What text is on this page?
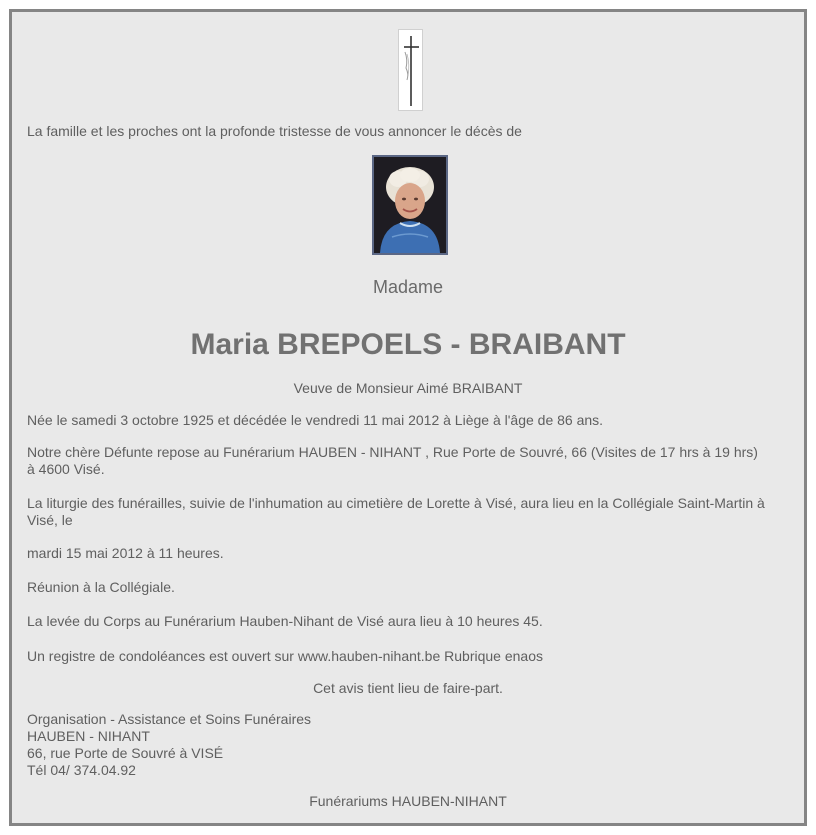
La famille et les proches ont la profonde tristesse de vous annoncer le décès de
Madame
Maria BREPOELS - BRAIBANT
Veuve de Monsieur Aimé BRAIBANT
Née le samedi 3 octobre 1925 et décédée le vendredi 11 mai 2012 à Liège à l'âge de 86 ans.
Notre chère Défunte repose au Funérarium HAUBEN - NIHANT , Rue Porte de Souvré, 66 (Visites de 17 hrs à 19 hrs)
à 4600 Visé.
La liturgie des funérailles, suivie de l'inhumation au cimetière de Lorette à Visé, aura lieu en la Collégiale Saint-Martin à
Visé, le
mardi 15 mai 2012 à 11 heures.
Réunion à la Collégiale.
La levée du Corps au Funérarium Hauben-Nihant de Visé aura lieu à 10 heures 45.
Un registre de condoléances est ouvert sur www.hauben-nihant.be Rubrique enaos
Cet avis tient lieu de faire-part.
Organisation - Assistance et Soins Funéraires
HAUBEN - NIHANT
66, rue Porte de Souvré à VISÉ
Tél 04/ 374.04.92
Funérariums HAUBEN-NIHANT
